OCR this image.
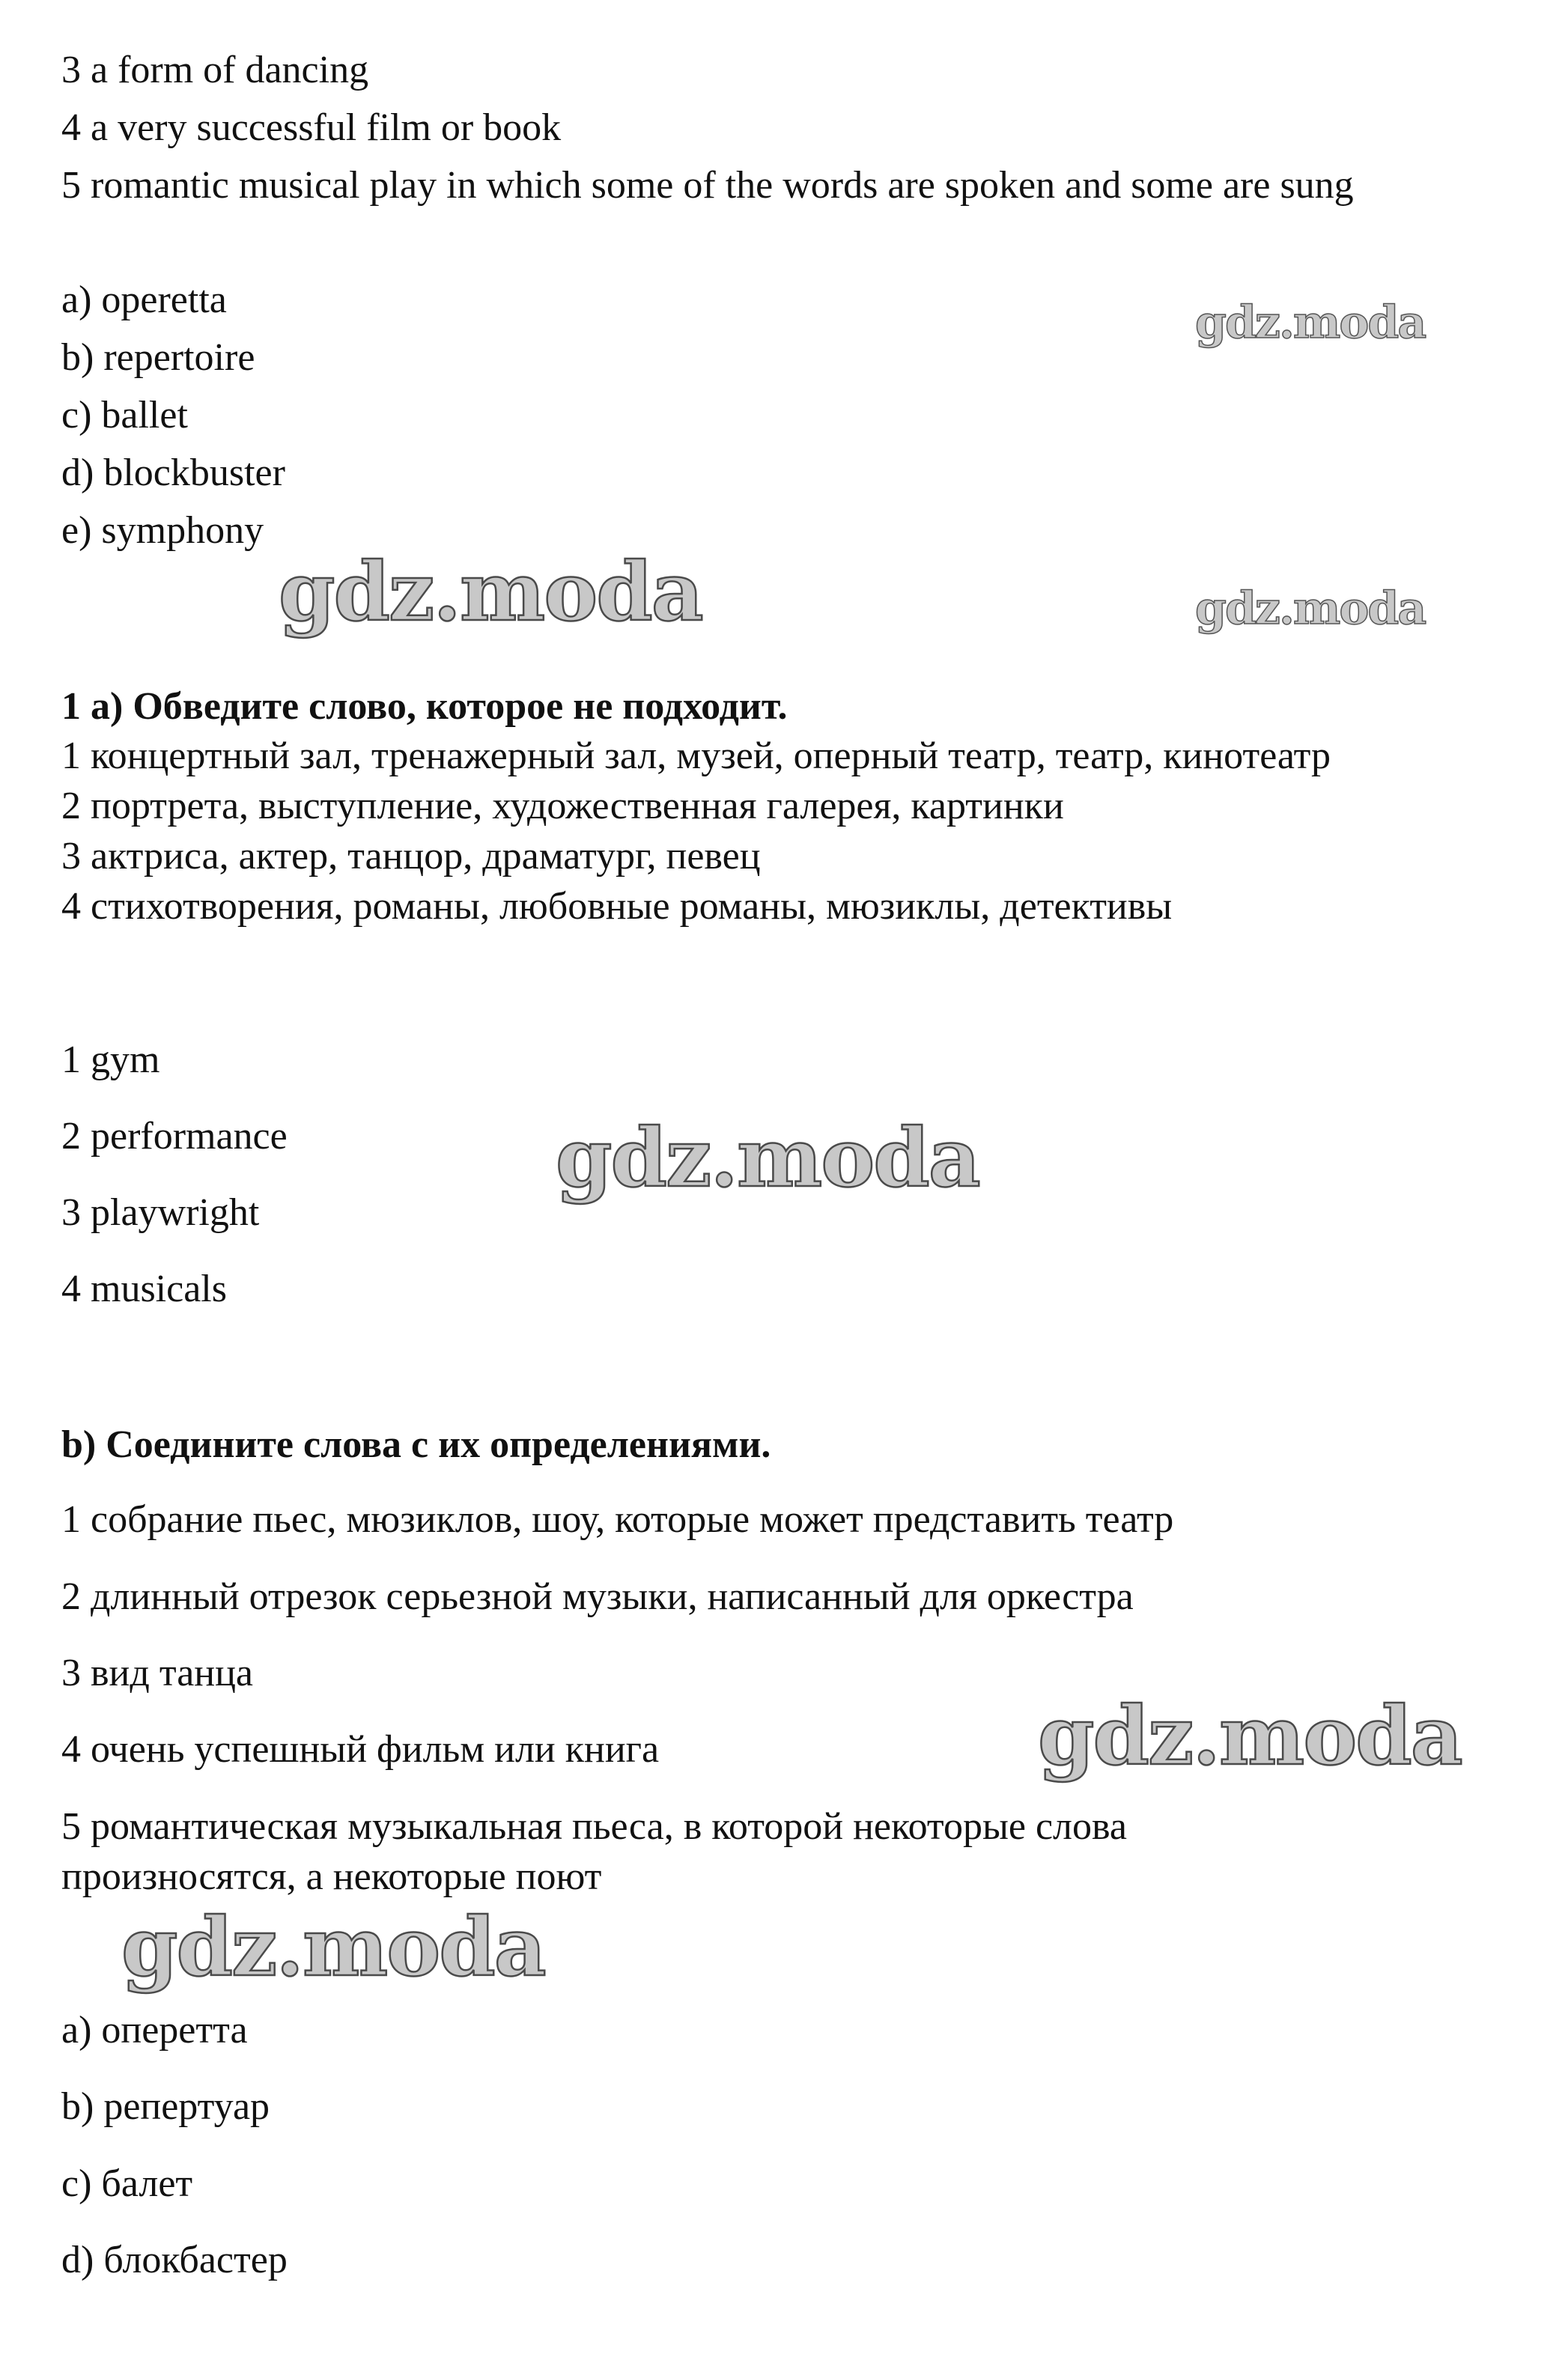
3 a form of dancing
4 a very successful film or book
5 romantic musical play in which some of the words are spoken and some are sung
a) operetta
b) repertoire
c) ballet
d) blockbuster
e) symphony
1 a) Обведите слово, которое не подходит.
1 концертный зал, тренажерный зал, музей, оперный театр, театр, кинотеатр
2 портрета, выступление, художественная галерея, картинки
3 актриса, актер, танцор, драматург, певец
4 стихотворения, романы, любовные романы, мюзиклы, детективы
1 gym
2 performance
3 playwright
4 musicals
b) Соедините слова с их определениями.
1 собрание пьес, мюзиклов, шоу, которые может представить театр
2 длинный отрезок серьезной музыки, написанный для оркестра
3 вид танца
4 очень успешный фильм или книга
5 романтическая музыкальная пьеса, в которой некоторые слова
произносятся, а некоторые поют
a) оперетта
b) репертуар
c) балет
d) блокбастер
gdz.moda
gdz.moda	gdz.moda
gdz.moda
gdz.moda
gdz.moda
